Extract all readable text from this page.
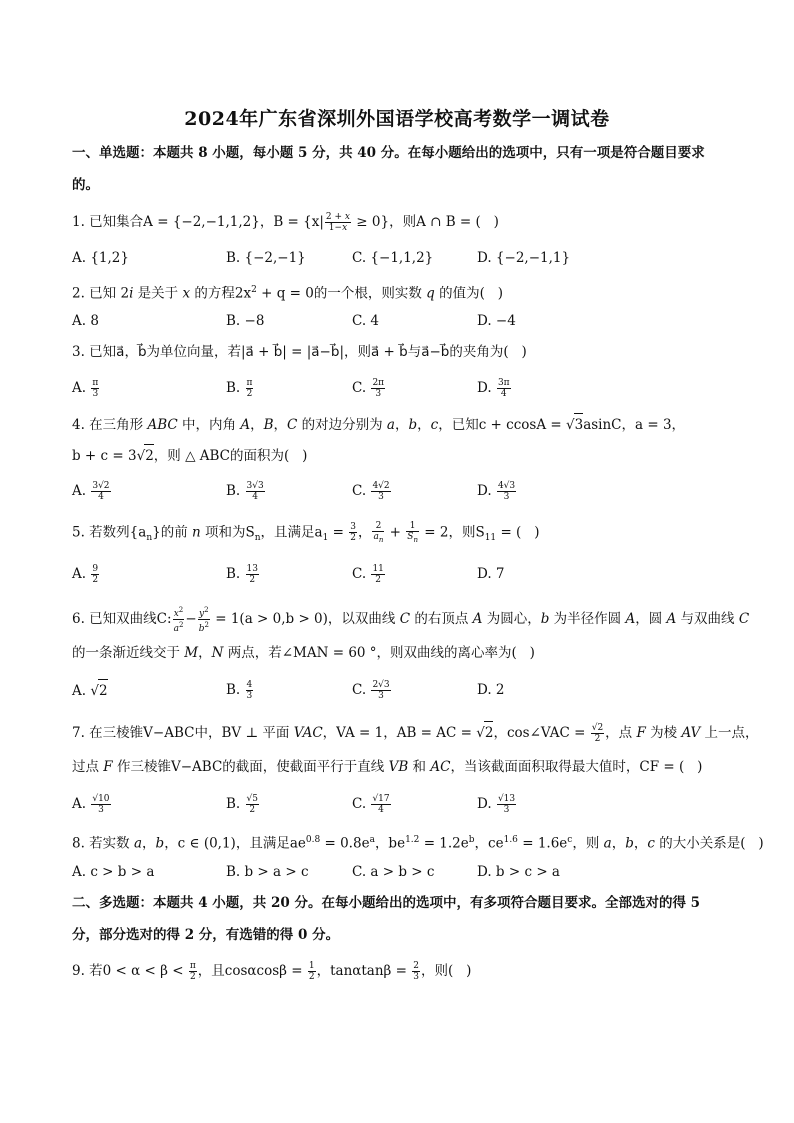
2024年广东省深圳外国语学校高考数学一调试卷
一、单选题：本题共 8 小题，每小题 5 分，共 40 分。在每小题给出的选项中，只有一项是符合题目要求
的。
1. 已知集合A = {−2,−1,1,2}，$B = \{x| \frac{2 + x}{1-x} \ge 0\}$，则A ∩ B = (   )
A. {1,2}	B. {−2,−1}	C. {−1,1,2}	D. {−2,−1,1}
2. 已知 2i 是关于 x 的方程$2x^2 + q = 0$的一个根，则实数 q 的值为(   )
A. 8	B. −8	C. 4	D. −4
3. 已知a⃗，b⃗为单位向量，若|a⃗ + b⃗| = |a⃗−b⃗|，则a⃗ + b⃗与a⃗−b⃗的夹角为(   )
A. $\frac{\pi}{3}$	B. $\frac{\pi}{2}$	C. $\frac{2\pi}{3}$	D. $\frac{3\pi}{4}$
4. 在三角形 ABC 中，内角 A，B，C 的对边分别为 a，b，c，已知c + ccosA = √3asinC，a = 3，
b + c = 3√2，则 △ ABC的面积为(   )
A. $\frac{3√2}{4}$	B. $\frac{3√3}{4}$	C. $\frac{4√2}{3}$	D. $\frac{4√3}{3}$
5. 若数列$\{a_n\}$的前 n 项和为$S_n$，且满足$a_1 = \frac{3}{2}$ ， $\frac{2}{a_n} + \frac{1}{S_n} = 2$，则$S_{11}$ = (   )
A. $\frac{9}{2}$	B. $\frac{13}{2}$	C. $\frac{11}{2}$	D. 7
6. 已知双曲线C: $\frac{x^2}{a^2} - \frac{y^2}{b^2} = 1(a > 0,b > 0)$，以双曲线 C 的右顶点 A 为圆心，b 为半径作圆 A，圆 A 与双曲线 C
的一条渐近线交于 M，N 两点，若∠MAN = 60 °，则双曲线的离心率为(   )
A. √2	B. $\frac{4}{3}$	C. $\frac{2√3}{3}$	D. 2
7. 在三棱锥V−ABC中，BV ⊥ 平面 VAC，VA = 1，AB = AC = √2，cos∠VAC = $\frac{√2}{2}$ ，点 F 为棱 AV 上一点，
过点 F 作三棱锥V−ABC的截面，使截面平行于直线 VB 和 AC，当该截面面积取得最大值时，CF = (   )
A. $\frac{√10}{3}$	B. $\frac{√5}{2}$	C. $\frac{√17}{4}$	D. $\frac{√13}{3}$
8. 若实数 a，b，c ∈ (0,1)，且满足$ae^{0.8} = 0.8e^a$，$be^{1.2} = 1.2e^b$，$ce^{1.6} = 1.6e^c$，则 a，b，c 的大小关系是(   )
A. c > b > a	B. b > a > c	C. a > b > c	D. b > c > a
二、多选题：本题共 4 小题，共 20 分。在每小题给出的选项中，有多项符合题目要求。全部选对的得 5
分，部分选对的得 2 分，有选错的得 0 分。
9. 若$0 < \alpha < \beta < \frac{\pi}{2}$ ，且$\cos\alpha\cos\beta = \frac{1}{2}$ ，$\tan\alpha\tan\beta = \frac{2}{3}$ ，则(   )
